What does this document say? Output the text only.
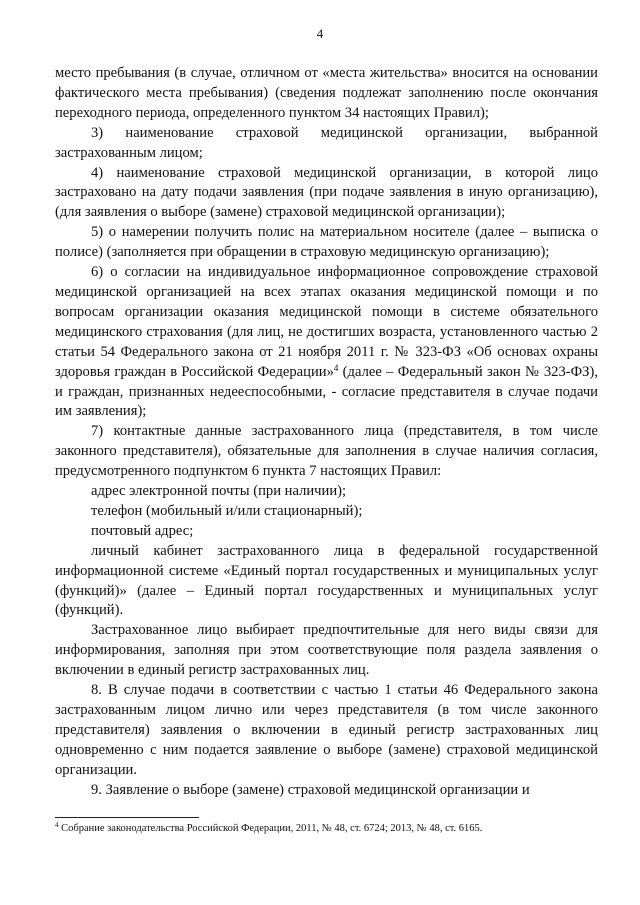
4

место пребывания (в случае, отличном от «места жительства» вносится на основании фактического места пребывания) (сведения подлежат заполнению после окончания переходного периода, определенного пунктом 34 настоящих Правил);

3) наименование страховой медицинской организации, выбранной застрахованным лицом;

4) наименование страховой медицинской организации, в которой лицо застраховано на дату подачи заявления (при подаче заявления в иную организацию), (для заявления о выборе (замене) страховой медицинской организации);

5) о намерении получить полис на материальном носителе (далее – выписка о полисе) (заполняется при обращении в страховую медицинскую организацию);

6) о согласии на индивидуальное информационное сопровождение страховой медицинской организацией на всех этапах оказания медицинской помощи и по вопросам организации оказания медицинской помощи в системе обязательного медицинского страхования (для лиц, не достигших возраста, установленного частью 2 статьи 54 Федерального закона от 21 ноября 2011 г. № 323-ФЗ «Об основах охраны здоровья граждан в Российской Федерации»$^4$ (далее – Федеральный закон № 323-ФЗ), и граждан, признанных недееспособными, - согласие представителя в случае подачи им заявления);

7) контактные данные застрахованного лица (представителя, в том числе законного представителя), обязательные для заполнения в случае наличия согласия, предусмотренного подпунктом 6 пункта 7 настоящих Правил:

адрес электронной почты (при наличии);

телефон (мобильный и/или стационарный);

почтовый адрес;

личный кабинет застрахованного лица в федеральной государственной информационной системе «Единый портал государственных и муниципальных услуг (функций)» (далее – Единый портал государственных и муниципальных услуг (функций).

Застрахованное лицо выбирает предпочтительные для него виды связи для информирования, заполняя при этом соответствующие поля раздела заявления о включении в единый регистр застрахованных лиц.

8. В случае подачи в соответствии с частью 1 статьи 46 Федерального закона застрахованным лицом лично или через представителя (в том числе законного представителя) заявления о включении в единый регистр застрахованных лиц одновременно с ним подается заявление о выборе (замене) страховой медицинской организации.

9. Заявление о выборе (замене) страховой медицинской организации и

$^4$ Собрание законодательства Российской Федерации, 2011, № 48, ст. 6724; 2013, № 48, ст. 6165.
